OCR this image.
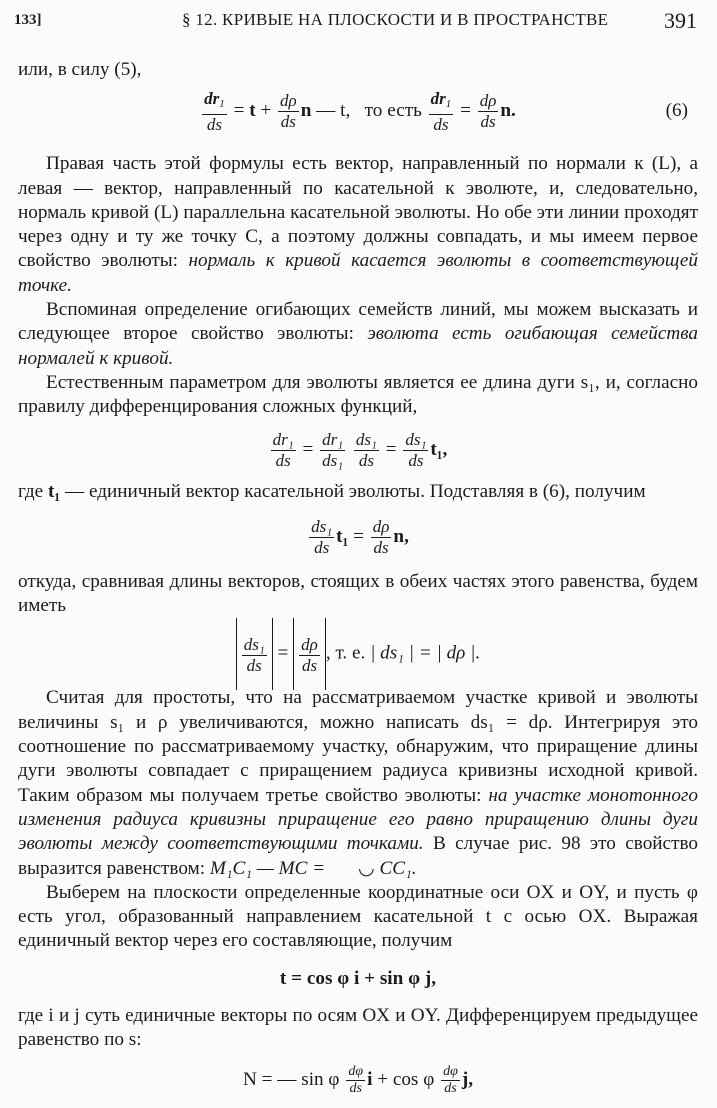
133]	§ 12. КРИВЫЕ НА ПЛОСКОСТИ И В ПРОСТРАНСТВЕ	391

или, в силу (5),

$\frac{dr_1}{ds} = t + \frac{d\rho}{ds}$ n — t, то есть $\frac{dr_1}{ds} = \frac{d\rho}{ds} n$.	(6)

Правая часть этой формулы есть вектор, направленный по нормали к (L), а левая — вектор, направленный по касательной к эволюте, и, следовательно, нормаль кривой (L) параллельна касательной эволюты. Но обе эти линии проходят через одну и ту же точку C, а поэтому должны совпадать, и мы имеем первое свойство эволюты: нормаль к кривой касается эволюты в соответствующей точке.

Вспоминая определение огибающих семейств линий, мы можем высказать и следующее второе свойство эволюты: эволюта есть огибающая семейства нормалей к кривой.

Естественным параметром для эволюты является ее длина дуги s₁, и, согласно правилу дифференцирования сложных функций,

$\frac{\text{dr₁}}{ds} = \frac{\text{dr₁}}{\text{ds₁}}$
$\frac{\text{ds₁}}{ds} = \frac{\text{ds₁}}{ds} t_1$,

где t₁ — единичный вектор касательной эволюты. Подставляя в (6), получим

$\frac{\text{ds₁}}{ds} t_1 = \frac{d\rho}{ds} n$,

откуда, сравнивая длины векторов, стоящих в обеих частях этого равенства, будем иметь

$\frac{\text{ds₁}}{ds} = \frac{d\rho}{ds}$ , т. е. | ds₁ | = | dρ |.

Считая для простоты, что на рассматриваемом участке кривой и эволюты величины s₁ и ρ увеличиваются, можно написать ds₁ = dρ. Интегрируя это соотношение по рассматриваемому участку, обнаружим, что приращение длины дуги эволюты совпадает с приращением радиуса кривизны исходной кривой. Таким образом мы получаем третье свойство эволюты: на участке монотонного изменения радиуса кривизны приращение его равно приращению длины дуги эволюты между соответствующими точками. В случае рис. 98 это свойство выразится равенством: M₁C₁ — MC = ◡ CC₁.

Выберем на плоскости определенные координатные оси OX и OY, и пусть φ есть угол, образованный направлением касательной t с осью OX. Выражая единичный вектор через его составляющие, получим

t = cos φ i + sin φ j,

где i и j суть единичные векторы по осям OX и OY. Дифференцируем предыдущее равенство по s:

N = — sin φ $\frac{d\varphi}{ds}$ i + cos φ $\frac{d\varphi}{ds} j$,
